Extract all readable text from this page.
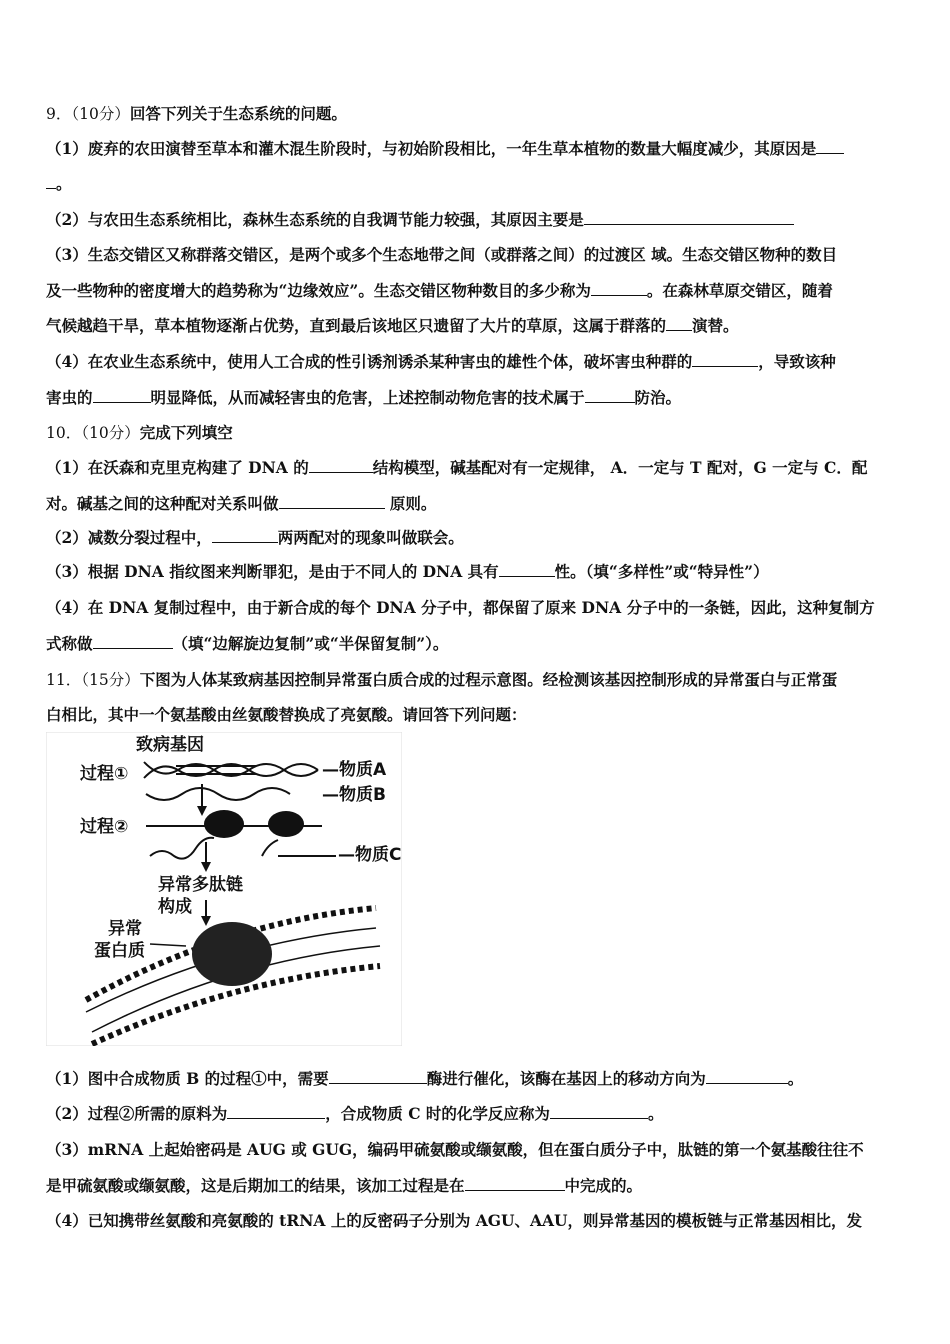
9．（10分）回答下列关于生态系统的问题。
（1）废弃的农田演替至草本和灌木混生阶段时，与初始阶段相比，一年生草本植物的数量大幅度减少，其原因是
。
（2）与农田生态系统相比，森林生态系统的自我调节能力较强，其原因主要是
（3）生态交错区又称群落交错区，是两个或多个生态地带之间（或群落之间）的过渡区 域。生态交错区物种的数目
及一些物种的密度增大的趋势称为“边缘效应”。生态交错区物种数目的多少称为	。在森林草原交错区，随着
气候越趋干旱，草本植物逐渐占优势，直到最后该地区只遗留了大片的草原，这属于群落的 演替。
（4）在农业生态系统中，使用人工合成的性引诱剂诱杀某种害虫的雄性个体，破坏害虫种群的	，导致该种
害虫的	明显降低，从而减轻害虫的危害，上述控制动物危害的技术属于	防治。
10．（10分）完成下列填空
（1）在沃森和克里克构建了 DNA 的	结构模型，碱基配对有一定规律， A．一定与 T 配对，G 一定与 C．配
对。碱基之间的这种配对关系叫做	原则。
（2）减数分裂过程中，	两两配对的现象叫做联会。
（3）根据 DNA 指纹图来判断罪犯，是由于不同人的 DNA 具有	性。（填“多样性”或“特异性”）
（4）在 DNA 复制过程中，由于新合成的每个 DNA 分子中，都保留了原来 DNA 分子中的一条链，因此，这种复制方
式称做	（填“边解旋边复制”或“半保留复制”）。
11．（15分）下图为人体某致病基因控制异常蛋白质合成的过程示意图。经检测该基因控制形成的异常蛋白与正常蛋
白相比，其中一个氨基酸由丝氨酸替换成了亮氨酸。请回答下列问题：
致病基因
过程①	—物质A
—物质B
过程②
—物质C
异常多肽链
构成
异常
蛋白质
（1）图中合成物质 B 的过程①中，需要	酶进行催化，该酶在基因上的移动方向为	。
（2）过程②所需的原料为	，合成物质 C 时的化学反应称为	。
（3）mRNA 上起始密码是 AUG 或 GUG，编码甲硫氨酸或缬氨酸，但在蛋白质分子中，肽链的第一个氨基酸往往不
是甲硫氨酸或缬氨酸，这是后期加工的结果，该加工过程是在	中完成的。
（4）已知携带丝氨酸和亮氨酸的 tRNA 上的反密码子分别为 AGU、AAU，则异常基因的模板链与正常基因相比，发
